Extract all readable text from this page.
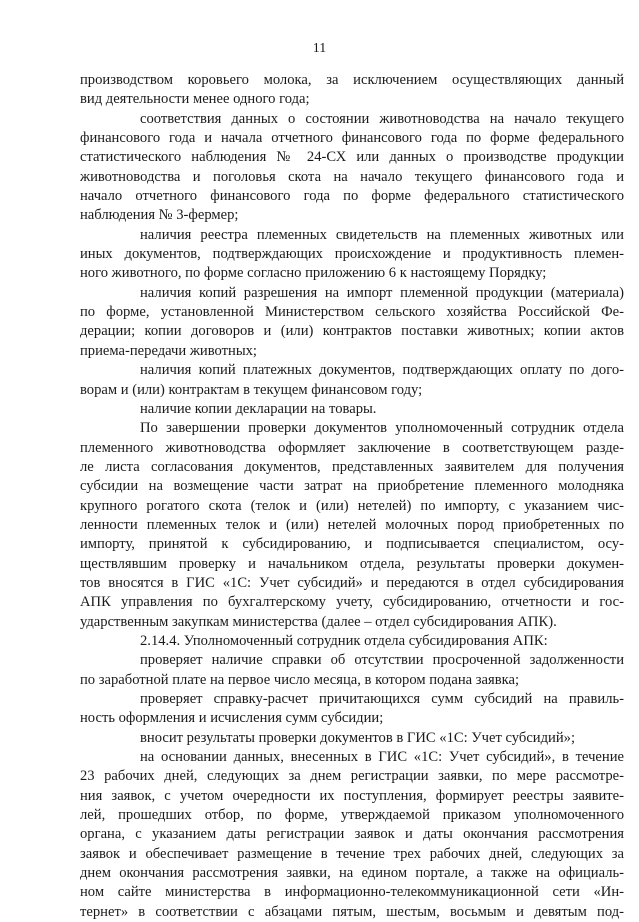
11
производством коровьего молока, за исключением осуществляющих данный
вид деятельности менее одного года;
соответствия данных о состоянии животноводства на начало текущего
финансового года и начала отчетного финансового года по форме федерального
статистического наблюдения № 24-СХ или данных о производстве продукции
животноводства и поголовья скота на начало текущего финансового года и
начало отчетного финансового года по форме федерального статистического
наблюдения № 3-фермер;
наличия реестра племенных свидетельств на племенных животных или
иных документов, подтверждающих происхождение и продуктивность племен-
ного животного, по форме согласно приложению 6 к настоящему Порядку;
наличия копий разрешения на импорт племенной продукции (материала)
по форме, установленной Министерством сельского хозяйства Российской Фе-
дерации; копии договоров и (или) контрактов поставки животных; копии актов
приема-передачи животных;
наличия копий платежных документов, подтверждающих оплату по дого-
ворам и (или) контрактам в текущем финансовом году;
наличие копии декларации на товары.
По завершении проверки документов уполномоченный сотрудник отдела
племенного животноводства оформляет заключение в соответствующем разде-
ле листа согласования документов, представленных заявителем для получения
субсидии на возмещение части затрат на приобретение племенного молодняка
крупного рогатого скота (телок и (или) нетелей) по импорту, с указанием чис-
ленности племенных телок и (или) нетелей молочных пород приобретенных по
импорту, принятой к субсидированию, и подписывается специалистом, осу-
ществлявшим проверку и начальником отдела, результаты проверки докумен-
тов вносятся в ГИС «1С: Учет субсидий» и передаются в отдел субсидирования
АПК управления по бухгалтерскому учету, субсидированию, отчетности и гос-
ударственным закупкам министерства (далее – отдел субсидирования АПК).
2.14.4. Уполномоченный сотрудник отдела субсидирования АПК:
проверяет наличие справки об отсутствии просроченной задолженности
по заработной плате на первое число месяца, в котором подана заявка;
проверяет справку-расчет причитающихся сумм субсидий на правиль-
ность оформления и исчисления сумм субсидии;
вносит результаты проверки документов в ГИС «1С: Учет субсидий»;
на основании данных, внесенных в ГИС «1С: Учет субсидий», в течение
23 рабочих дней, следующих за днем регистрации заявки, по мере рассмотре-
ния заявок, с учетом очередности их поступления, формирует реестры заявите-
лей, прошедших отбор, по форме, утверждаемой приказом уполномоченного
органа, с указанием даты регистрации заявок и даты окончания рассмотрения
заявок и обеспечивает размещение в течение трех рабочих дней, следующих за
днем окончания рассмотрения заявки, на едином портале, а также на официаль-
ном сайте министерства в информационно-телекоммуникационной сети «Ин-
тернет» в соответствии с абзацами пятым, шестым, восьмым и девятым под-
